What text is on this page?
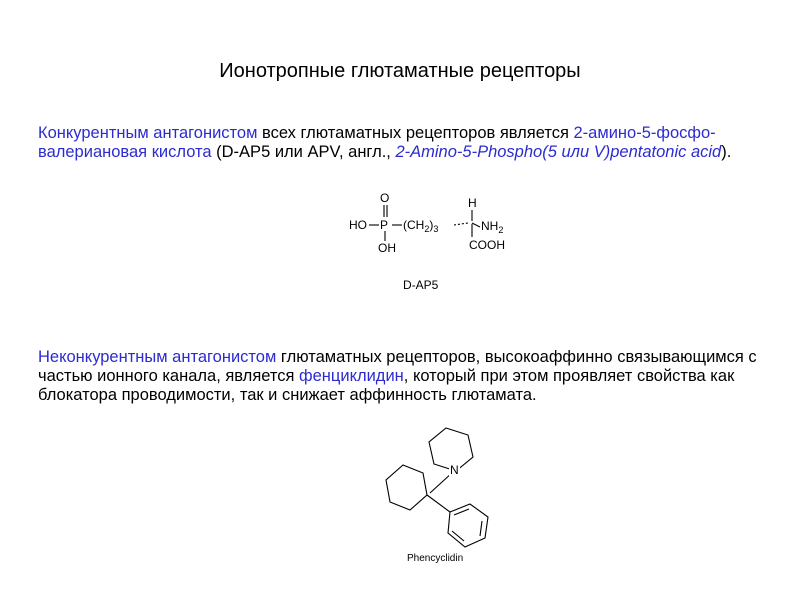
Ионотропные глютаматные рецепторы
Конкурентным антагонистом всех глютаматных рецепторов является 2-амино-5-фосфо-валериановая кислота (D-AP5 или APV, англ., 2-Amino-5-Phospho(5 или V)pentatonic acid).
O
HO P
OH
(CH2)3
H
NH2
COOH
D-AP5
Неконкурентным антагонистом глютаматных рецепторов, высокоаффинно связывающимся с частью ионного канала, является фенциклидин, который при этом проявляет свойства как блокатора проводимости, так и снижает аффинность глютамата.
N
Phencyclidin
